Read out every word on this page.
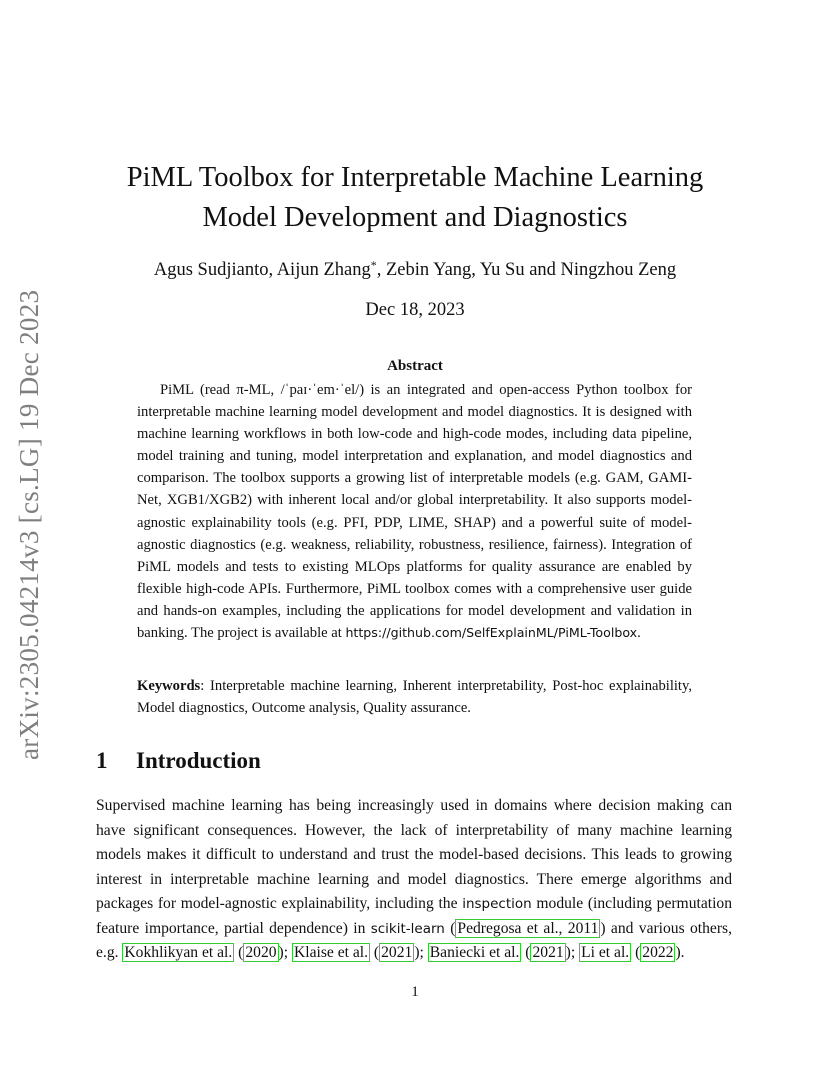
arXiv:2305.04214v3 [cs.LG] 19 Dec 2023
PiML Toolbox for Interpretable Machine Learning
Model Development and Diagnostics
Agus Sudjianto, Aijun Zhang*, Zebin Yang, Yu Su and Ningzhou Zeng
Dec 18, 2023
Abstract
PiML (read π-ML, /ˈpaɪ·ˈem·ˈel/) is an integrated and open-access Python toolbox for interpretable machine learning model development and model diagnostics. It is designed with machine learning workflows in both low-code and high-code modes, including data pipeline, model training and tuning, model interpretation and explanation, and model diagnostics and comparison. The toolbox supports a growing list of interpretable models (e.g. GAM, GAMI-Net, XGB1/XGB2) with inherent local and/or global interpretability. It also supports model-agnostic explainability tools (e.g. PFI, PDP, LIME, SHAP) and a powerful suite of model-agnostic diagnostics (e.g. weakness, reliability, robustness, resilience, fairness). Integration of PiML models and tests to existing MLOps platforms for quality assurance are enabled by flexible high-code APIs. Furthermore, PiML toolbox comes with a comprehensive user guide and hands-on examples, including the applications for model development and validation in banking. The project is available at https://github.com/SelfExplainML/PiML-Toolbox.
Keywords: Interpretable machine learning, Inherent interpretability, Post-hoc explainability, Model diagnostics, Outcome analysis, Quality assurance.
1 Introduction
Supervised machine learning has being increasingly used in domains where decision making can have significant consequences. However, the lack of interpretability of many machine learning models makes it difficult to understand and trust the model-based decisions. This leads to growing interest in interpretable machine learning and model diagnostics. There emerge algorithms and packages for model-agnostic explainability, including the inspection module (including permutation feature importance, partial dependence) in scikit-learn ( Pedregosa et al., 2011 ) and various others, e.g. Kokhlikyan et al. ( 2020 ); Klaise et al. ( 2021 ); Baniecki et al. ( 2021 ); Li et al. ( 2022 ).
1
